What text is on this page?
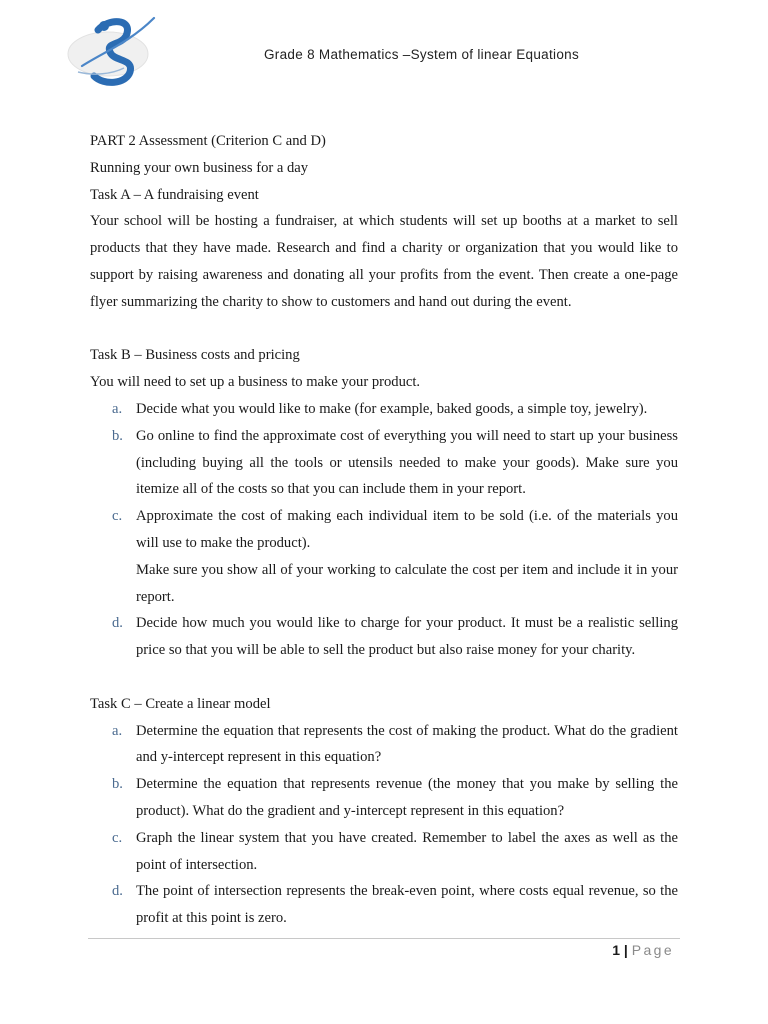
Grade 8 Mathematics –System of linear Equations

PART 2 Assessment (Criterion C and D)

Running your own business for a day

Task A – A fundraising event

Your school will be hosting a fundraiser, at which students will set up booths at a market to sell products that they have made. Research and find a charity or organization that you would like to support by raising awareness and donating all your profits from the event. Then create a one-page flyer summarizing the charity to show to customers and hand out during the event.

Task B – Business costs and pricing

You will need to set up a business to make your product.

a. Decide what you would like to make (for example, baked goods, a simple toy, jewelry).
b. Go online to find the approximate cost of everything you will need to start up your business (including buying all the tools or utensils needed to make your goods). Make sure you itemize all of the costs so that you can include them in your report.
c. Approximate the cost of making each individual item to be sold (i.e. of the materials you will use to make the product).
Make sure you show all of your working to calculate the cost per item and include it in your report.
d. Decide how much you would like to charge for your product. It must be a realistic selling price so that you will be able to sell the product but also raise money for your charity.

Task C – Create a linear model

a. Determine the equation that represents the cost of making the product. What do the gradient and y-intercept represent in this equation?
b. Determine the equation that represents revenue (the money that you make by selling the product). What do the gradient and y-intercept represent in this equation?
c. Graph the linear system that you have created. Remember to label the axes as well as the point of intersection.
d. The point of intersection represents the break-even point, where costs equal revenue, so the profit at this point is zero.
1 | Page
